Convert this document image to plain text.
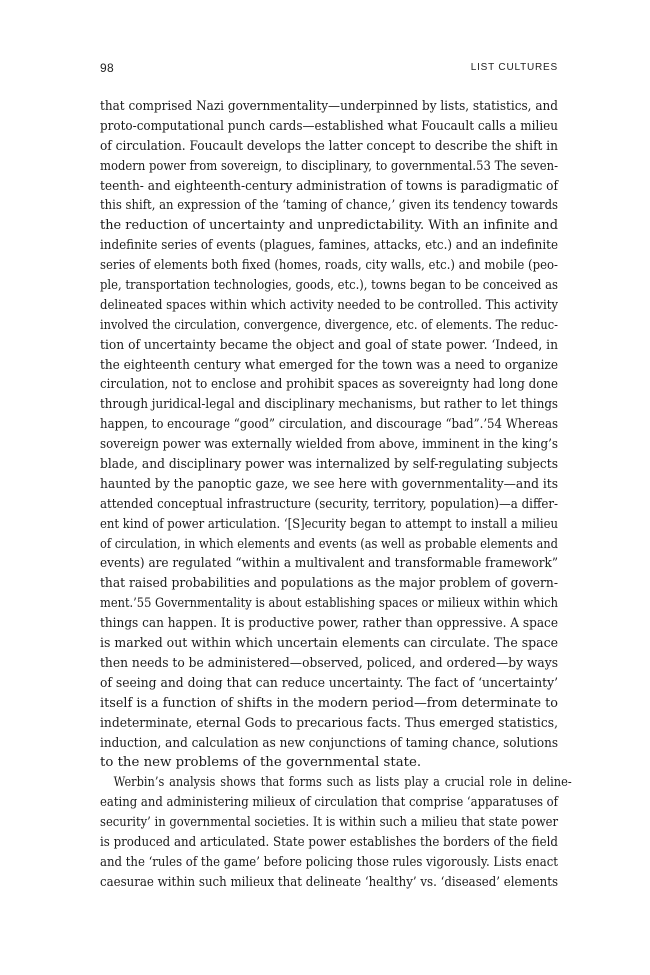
98	LIST CULTURES
that comprised Nazi governmentality—underpinned by lists, statistics, and
proto-computational punch cards—established what Foucault calls a milieu
of circulation. Foucault develops the latter concept to describe the shift in
modern power from sovereign, to disciplinary, to governmental.53 The seven-
teenth- and eighteenth-century administration of towns is paradigmatic of
this shift, an expression of the ‘taming of chance,’ given its tendency towards
the reduction of uncertainty and unpredictability. With an infinite and
indefinite series of events (plagues, famines, attacks, etc.) and an indefinite
series of elements both fixed (homes, roads, city walls, etc.) and mobile (peo-
ple, transportation technologies, goods, etc.), towns began to be conceived as
delineated spaces within which activity needed to be controlled. This activity
involved the circulation, convergence, divergence, etc. of elements. The reduc-
tion of uncertainty became the object and goal of state power. ‘Indeed, in
the eighteenth century what emerged for the town was a need to organize
circulation, not to enclose and prohibit spaces as sovereignty had long done
through juridical-legal and disciplinary mechanisms, but rather to let things
happen, to encourage “good” circulation, and discourage “bad”.’54 Whereas
sovereign power was externally wielded from above, imminent in the king’s
blade, and disciplinary power was internalized by self-regulating subjects
haunted by the panoptic gaze, we see here with governmentality—and its
attended conceptual infrastructure (security, territory, population)—a differ-
ent kind of power articulation. ‘[S]ecurity began to attempt to install a milieu
of circulation, in which elements and events (as well as probable elements and
events) are regulated “within a multivalent and transformable framework”
that raised probabilities and populations as the major problem of govern-
ment.’55 Governmentality is about establishing spaces or milieux within which
things can happen. It is productive power, rather than oppressive. A space
is marked out within which uncertain elements can circulate. The space
then needs to be administered—observed, policed, and ordered—by ways
of seeing and doing that can reduce uncertainty. The fact of ‘uncertainty’
itself is a function of shifts in the modern period—from determinate to
indeterminate, eternal Gods to precarious facts. Thus emerged statistics,
induction, and calculation as new conjunctions of taming chance, solutions
to the new problems of the governmental state.
Werbin’s analysis shows that forms such as lists play a crucial role in deline-
eating and administering milieux of circulation that comprise ‘apparatuses of
security’ in governmental societies. It is within such a milieu that state power
is produced and articulated. State power establishes the borders of the field
and the ‘rules of the game’ before policing those rules vigorously. Lists enact
caesurae within such milieux that delineate ‘healthy’ vs. ‘diseased’ elements
